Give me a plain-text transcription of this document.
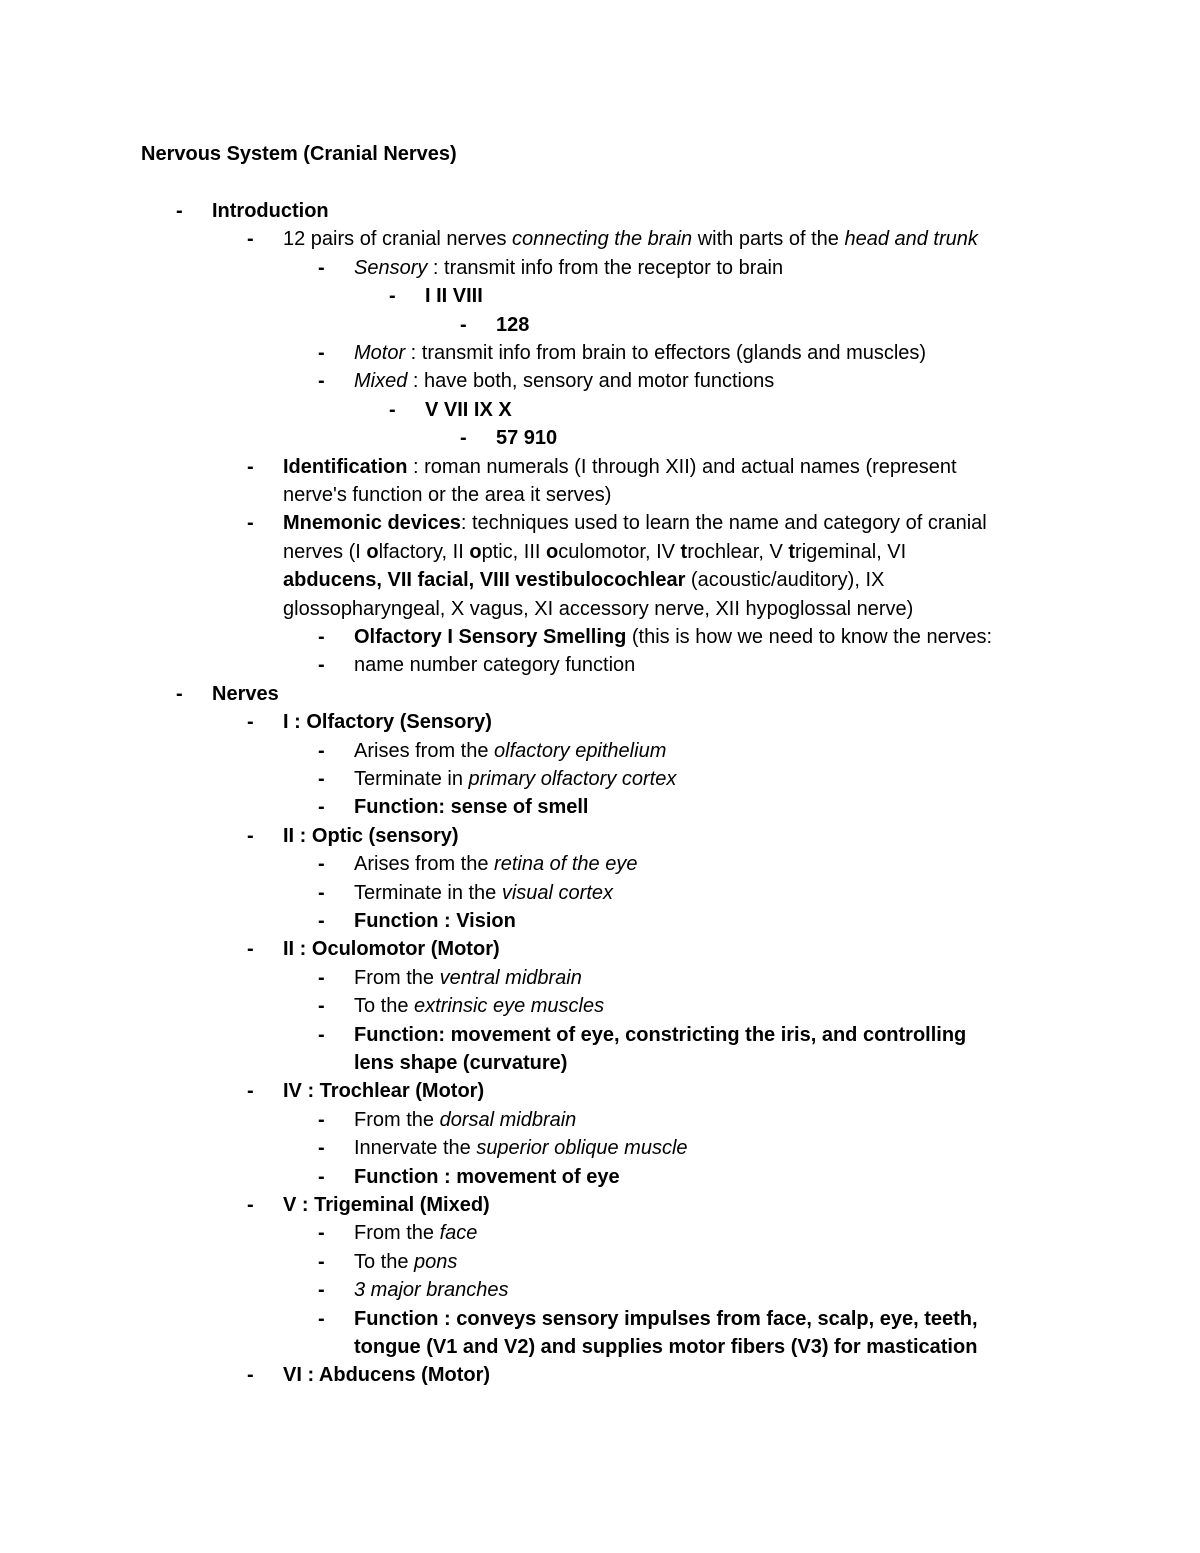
Nervous System (Cranial Nerves)
- Introduction
- 12 pairs of cranial nerves connecting the brain with parts of the head and trunk
- Sensory : transmit info from the receptor to brain
- I II VIII
- 128
- Motor : transmit info from brain to effectors (glands and muscles)
- Mixed : have both, sensory and motor functions
- V VII IX X
- 57 910
- Identification : roman numerals (I through XII) and actual names (represent
nerve's function or the area it serves)
- Mnemonic devices: techniques used to learn the name and category of cranial
nerves (I olfactory, II optic, III oculomotor, IV trochlear, V trigeminal, VI
abducens, VII facial, VIII vestibulocochlear (acoustic/auditory), IX
glossopharyngeal, X vagus, XI accessory nerve, XII hypoglossal nerve)
- Olfactory I Sensory Smelling (this is how we need to know the nerves:
- name number category function
- Nerves
- I : Olfactory (Sensory)
- Arises from the olfactory epithelium
- Terminate in primary olfactory cortex
- Function: sense of smell
- II : Optic (sensory)
- Arises from the retina of the eye
- Terminate in the visual cortex
- Function : Vision
- II : Oculomotor (Motor)
- From the ventral midbrain
- To the extrinsic eye muscles
- Function: movement of eye, constricting the iris, and controlling
lens shape (curvature)
- IV : Trochlear (Motor)
- From the dorsal midbrain
- Innervate the superior oblique muscle
- Function : movement of eye
- V : Trigeminal (Mixed)
- From the face
- To the pons
- 3 major branches
- Function : conveys sensory impulses from face, scalp, eye, teeth,
tongue (V1 and V2) and supplies motor fibers (V3) for mastication
- VI : Abducens (Motor)
